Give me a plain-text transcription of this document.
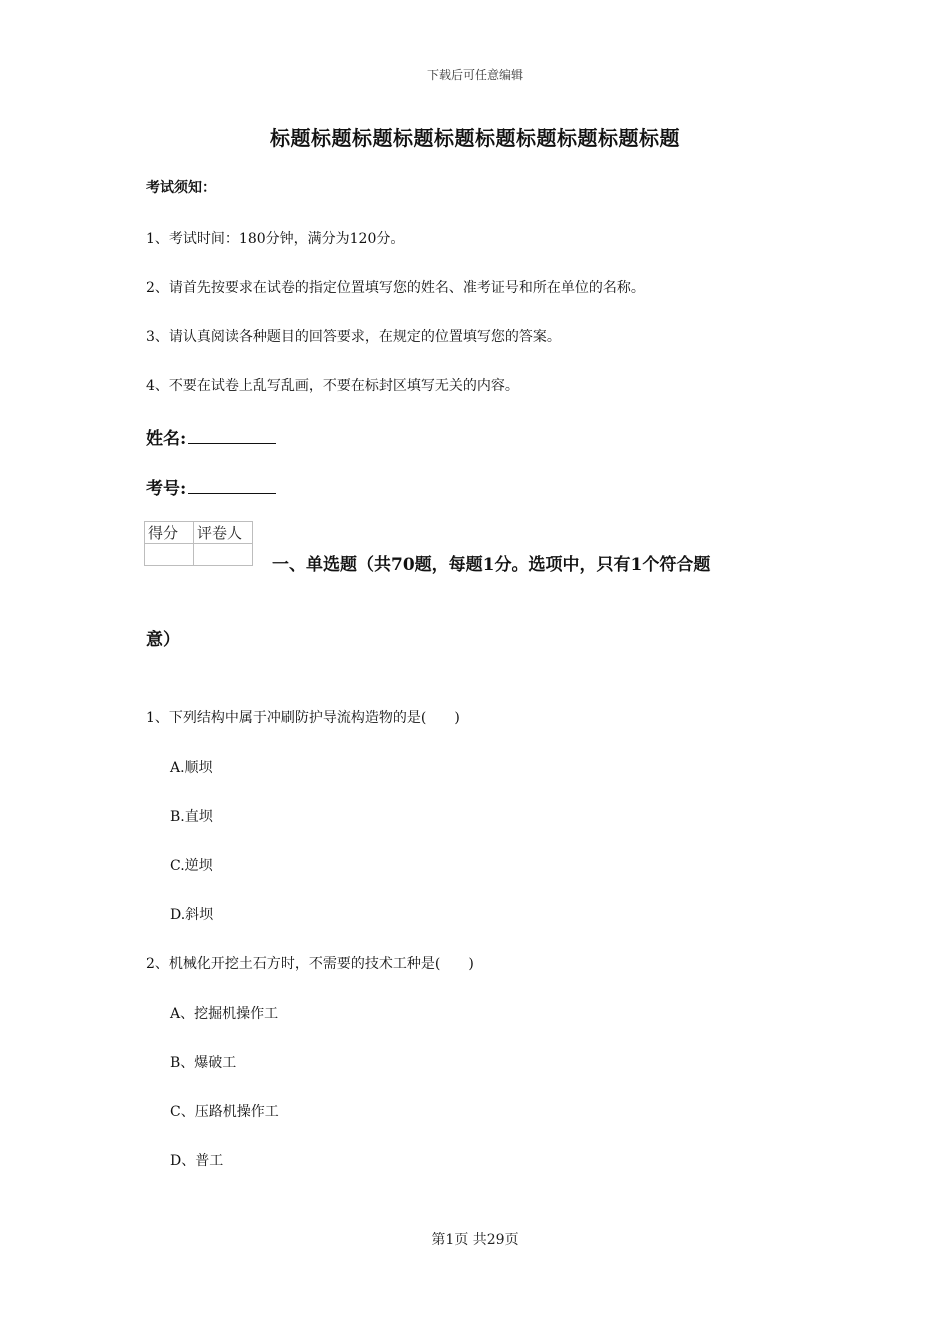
下载后可任意编辑
标题标题标题标题标题标题标题标题标题标题
考试须知：
1、考试时间：180分钟，满分为120分。
2、请首先按要求在试卷的指定位置填写您的姓名、准考证号和所在单位的名称。
3、请认真阅读各种题目的回答要求，在规定的位置填写您的答案。
4、不要在试卷上乱写乱画，不要在标封区填写无关的内容。
姓名:
考号:
得分	评卷人

一、单选题（共70题，每题1分。选项中，只有1个符合题
意）
1、下列结构中属于冲刷防护导流构造物的是(　　)
A.顺坝
B.直坝
C.逆坝
D.斜坝
2、机械化开挖土石方时，不需要的技术工种是(　　)
A、挖掘机操作工
B、爆破工
C、压路机操作工
D、普工
第1页 共29页
